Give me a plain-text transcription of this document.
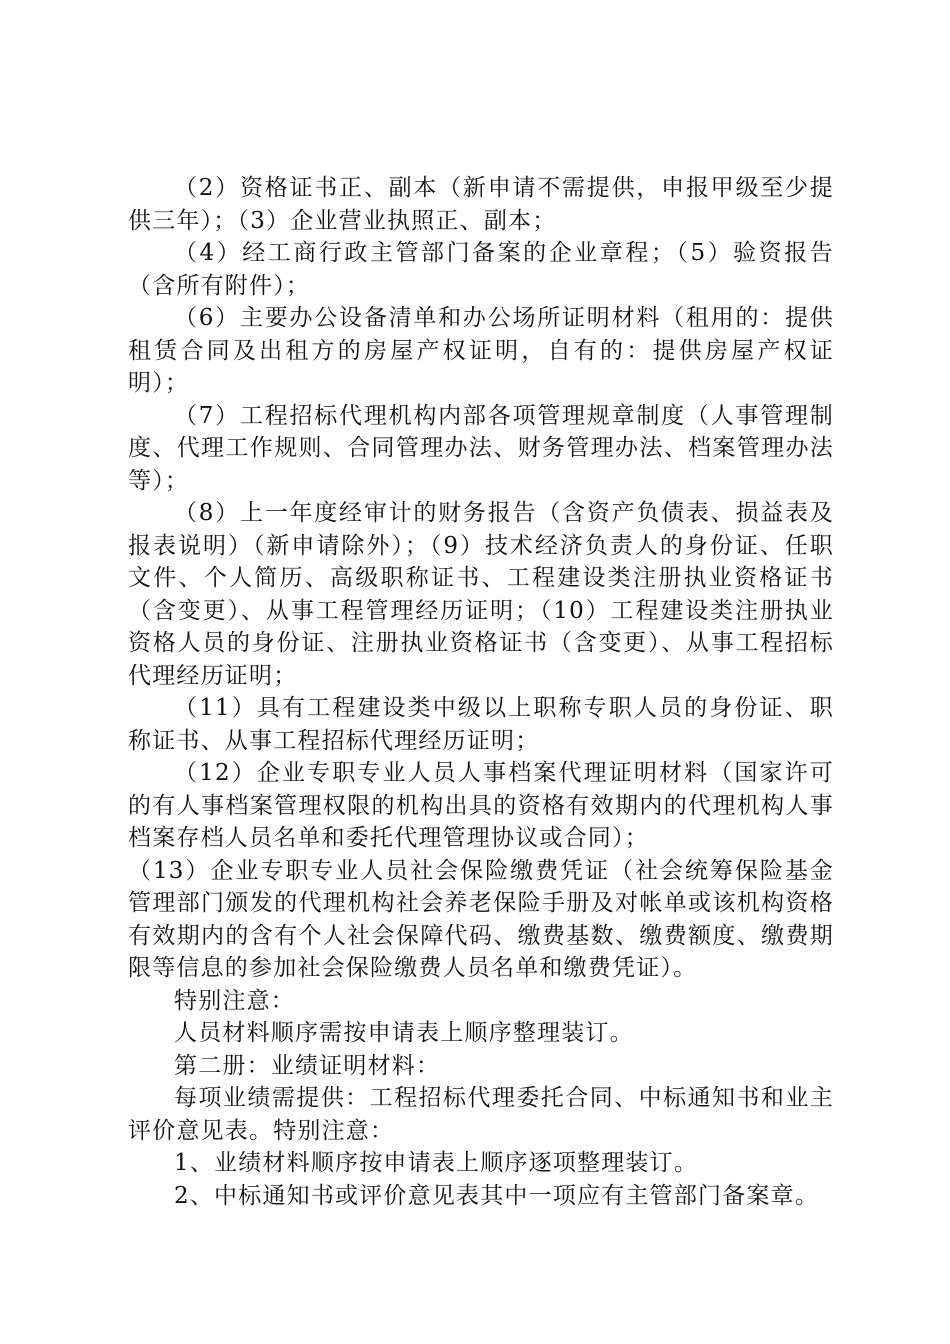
（2）资格证书正、副本（新申请不需提供，申报甲级至少提供三年）；（3）企业营业执照正、副本；

（4）经工商行政主管部门备案的企业章程；（5）验资报告（含所有附件）；

（6）主要办公设备清单和办公场所证明材料（租用的：提供租赁合同及出租方的房屋产权证明，自有的：提供房屋产权证明）；

（7）工程招标代理机构内部各项管理规章制度（人事管理制度、代理工作规则、合同管理办法、财务管理办法、档案管理办法等）；

（8）上一年度经审计的财务报告（含资产负债表、损益表及报表说明）（新申请除外）；（9）技术经济负责人的身份证、任职文件、个人简历、高级职称证书、工程建设类注册执业资格证书（含变更）、从事工程管理经历证明；（10）工程建设类注册执业资格人员的身份证、注册执业资格证书（含变更）、从事工程招标代理经历证明；

（11）具有工程建设类中级以上职称专职人员的身份证、职称证书、从事工程招标代理经历证明；

（12）企业专职专业人员人事档案代理证明材料（国家许可的有人事档案管理权限的机构出具的资格有效期内的代理机构人事档案存档人员名单和委托代理管理协议或合同）；

（13）企业专职专业人员社会保险缴费凭证（社会统筹保险基金管理部门颁发的代理机构社会养老保险手册及对帐单或该机构资格有效期内的含有个人社会保障代码、缴费基数、缴费额度、缴费期限等信息的参加社会保险缴费人员名单和缴费凭证）。

特别注意：

人员材料顺序需按申请表上顺序整理装订。

第二册：业绩证明材料：

每项业绩需提供：工程招标代理委托合同、中标通知书和业主评价意见表。特别注意：

1、业绩材料顺序按申请表上顺序逐项整理装订。

2、中标通知书或评价意见表其中一项应有主管部门备案章。
